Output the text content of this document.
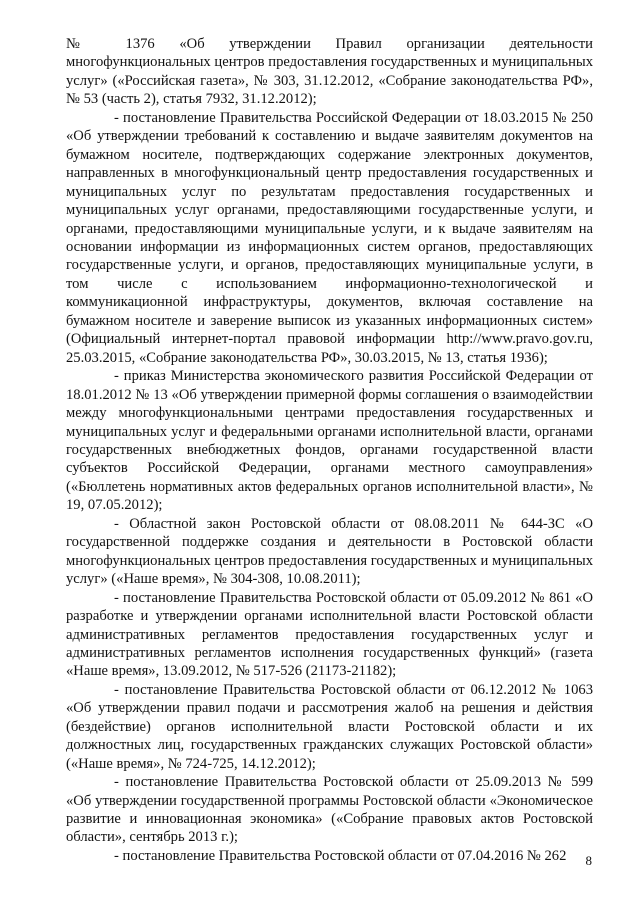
№ 1376 «Об утверждении Правил организации деятельности многофункциональных центров предоставления государственных и муниципальных услуг» («Российская газета», № 303, 31.12.2012, «Собрание законодательства РФ», № 53 (часть 2), статья 7932, 31.12.2012);

- постановление Правительства Российской Федерации от 18.03.2015 № 250 «Об утверждении требований к составлению и выдаче заявителям документов на бумажном носителе, подтверждающих содержание электронных документов, направленных в многофункциональный центр предоставления государственных и муниципальных услуг по результатам предоставления государственных и муниципальных услуг органами, предоставляющими государственные услуги, и органами, предоставляющими муниципальные услуги, и к выдаче заявителям на основании информации из информационных систем органов, предоставляющих государственные услуги, и органов, предоставляющих муниципальные услуги, в том числе с использованием информационно-технологической и коммуникационной инфраструктуры, документов, включая составление на бумажном носителе и заверение выписок из указанных информационных систем» (Официальный интернет-портал правовой информации http://www.pravo.gov.ru, 25.03.2015, «Собрание законодательства РФ», 30.03.2015, № 13, статья 1936);

- приказ Министерства экономического развития Российской Федерации от 18.01.2012 № 13 «Об утверждении примерной формы соглашения о взаимодействии между многофункциональными центрами предоставления государственных и муниципальных услуг и федеральными органами исполнительной власти, органами государственных внебюджетных фондов, органами государственной власти субъектов Российской Федерации, органами местного самоуправления» («Бюллетень нормативных актов федеральных органов исполнительной власти», № 19, 07.05.2012);

- Областной закон Ростовской области от 08.08.2011 № 644-ЗС «О государственной поддержке создания и деятельности в Ростовской области многофункциональных центров предоставления государственных и муниципальных услуг» («Наше время», № 304-308, 10.08.2011);

- постановление Правительства Ростовской области от 05.09.2012 № 861 «О разработке и утверждении органами исполнительной власти Ростовской области административных регламентов предоставления государственных услуг и административных регламентов исполнения государственных функций» (газета «Наше время», 13.09.2012, № 517-526 (21173-21182);

- постановление Правительства Ростовской области от 06.12.2012 № 1063 «Об утверждении правил подачи и рассмотрения жалоб на решения и действия (бездействие) органов исполнительной власти Ростовской области и их должностных лиц, государственных гражданских служащих Ростовской области» («Наше время», № 724-725, 14.12.2012);

- постановление Правительства Ростовской области от 25.09.2013 № 599 «Об утверждении государственной программы Ростовской области «Экономическое развитие и инновационная экономика» («Собрание правовых актов Ростовской области», сентябрь 2013 г.);

- постановление Правительства Ростовской области от 07.04.2016 № 262	8
